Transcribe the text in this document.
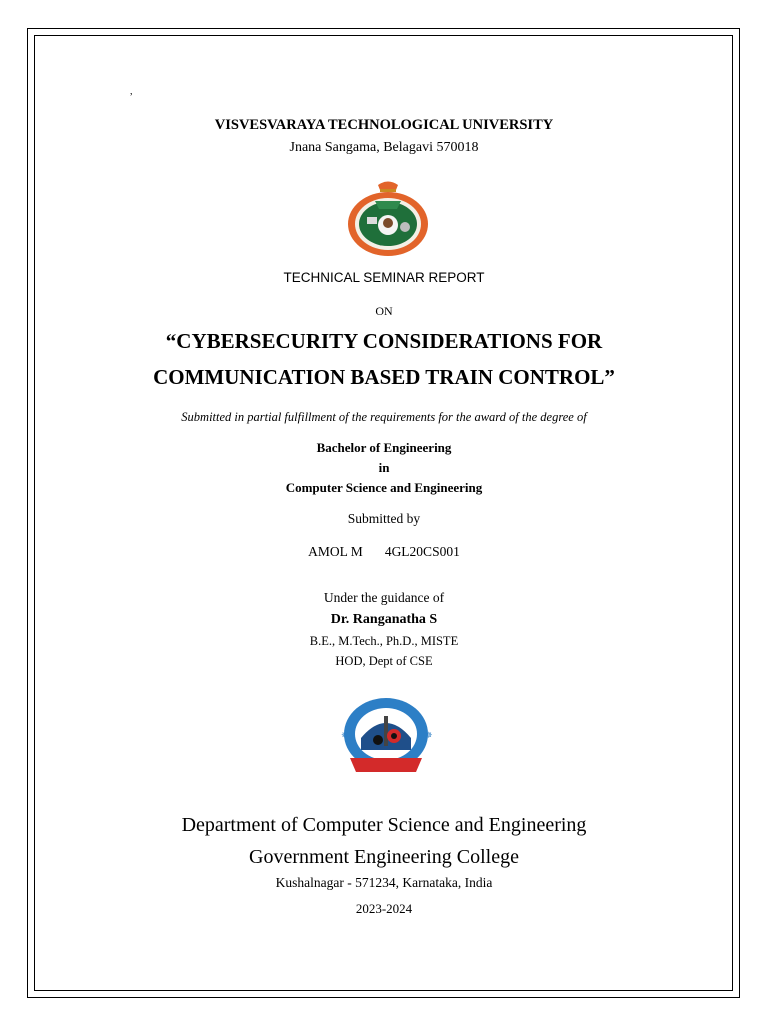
,
VISVESVARAYA TECHNOLOGICAL UNIVERSITY
Jnana Sangama, Belagavi 570018
TECHNICAL SEMINAR REPORT
ON
“CYBERSECURITY CONSIDERATIONS FOR
COMMUNICATION BASED TRAIN CONTROL”
Submitted in partial fulfillment of the requirements for the award of the degree of
Bachelor of Engineering
in
Computer Science and Engineering
Submitted by
AMOL M 4GL20CS001
Under the guidance of
Dr. Ranganatha S
B.E., M.Tech., Ph.D., MISTE
HOD, Dept of CSE
✵	✵
Department of Computer Science and Engineering
Government Engineering College
Kushalnagar - 571234, Karnataka, India
2023-2024
